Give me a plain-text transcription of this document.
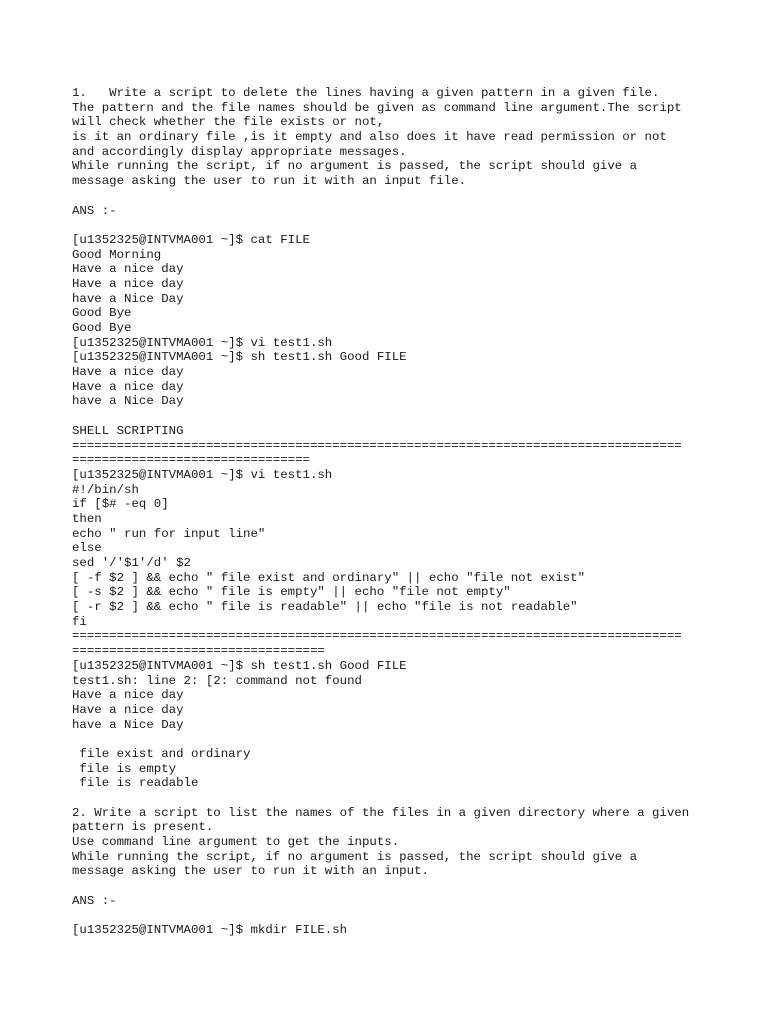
1.   Write a script to delete the lines having a given pattern in a given file.
The pattern and the file names should be given as command line argument.The script
will check whether the file exists or not,
is it an ordinary file ,is it empty and also does it have read permission or not
and accordingly display appropriate messages.
While running the script, if no argument is passed, the script should give a
message asking the user to run it with an input file.
ANS :-
[u1352325@INTVMA001 ~]$ cat FILE
Good Morning
Have a nice day
Have a nice day
have a Nice Day
Good Bye
Good Bye
[u1352325@INTVMA001 ~]$ vi test1.sh
[u1352325@INTVMA001 ~]$ sh test1.sh Good FILE
Have a nice day
Have a nice day
have a Nice Day
SHELL SCRIPTING
==================================================================================
================================
[u1352325@INTVMA001 ~]$ vi test1.sh
#!/bin/sh
if [$# -eq 0]
then
echo " run for input line"
else
sed '/'$1'/d' $2
[ -f $2 ] && echo " file exist and ordinary" || echo "file not exist"
[ -s $2 ] && echo " file is empty" || echo "file not empty"
[ -r $2 ] && echo " file is readable" || echo "file is not readable"
fi
==================================================================================
==================================
[u1352325@INTVMA001 ~]$ sh test1.sh Good FILE
test1.sh: line 2: [2: command not found
Have a nice day
Have a nice day
have a Nice Day
file exist and ordinary
file is empty
file is readable
2. Write a script to list the names of the files in a given directory where a given
pattern is present.
Use command line argument to get the inputs.
While running the script, if no argument is passed, the script should give a
message asking the user to run it with an input.
ANS :-
[u1352325@INTVMA001 ~]$ mkdir FILE.sh
